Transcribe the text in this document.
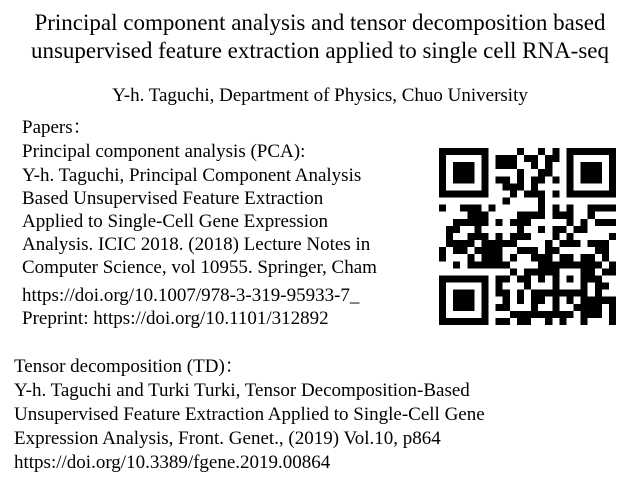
Principal component analysis and tensor decomposition based
unsupervised feature extraction applied to single cell RNA-seq
Y-h. Taguchi, Department of Physics, Chuo University
Papers：
Principal component analysis (PCA):
Y-h. Taguchi, Principal Component Analysis
Based Unsupervised Feature Extraction
Applied to Single-Cell Gene Expression
Analysis. ICIC 2018. (2018) Lecture Notes in
Computer Science, vol 10955. Springer, Cham
https://doi.org/10.1007/978-3-319-95933-7_
Preprint: https://doi.org/10.1101/312892
Tensor decomposition (TD)：
Y-h. Taguchi and Turki Turki, Tensor Decomposition-Based
Unsupervised Feature Extraction Applied to Single-Cell Gene
Expression Analysis, Front. Genet., (2019) Vol.10, p864
https://doi.org/10.3389/fgene.2019.00864
